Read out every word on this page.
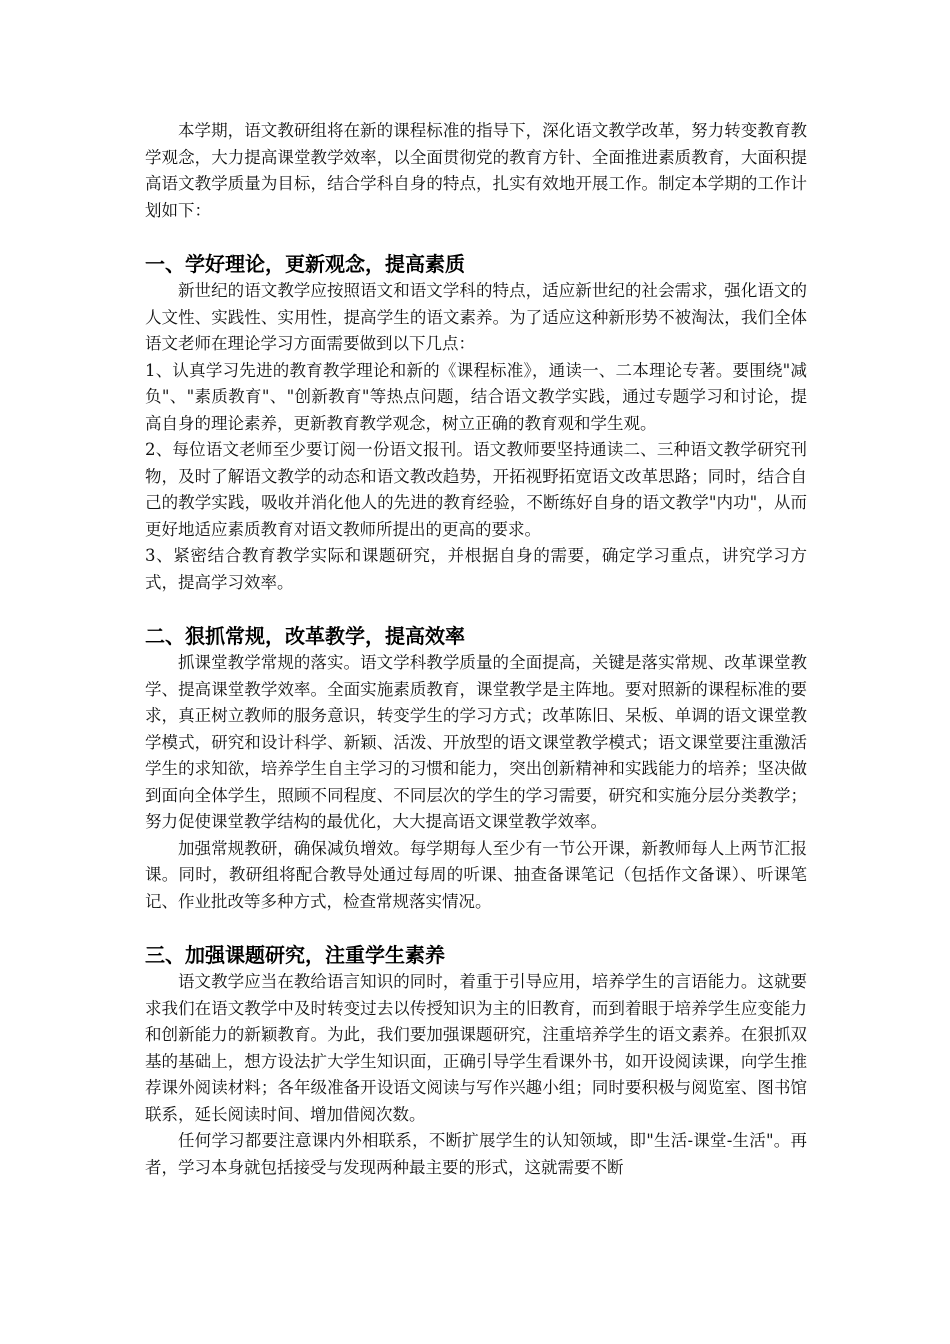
本学期，语文教研组将在新的课程标准的指导下，深化语文教学改革，努力转变教育教学观念，大力提高课堂教学效率，以全面贯彻党的教育方针、全面推进素质教育，大面积提高语文教学质量为目标，结合学科自身的特点，扎实有效地开展工作。制定本学期的工作计划如下：

一、学好理论，更新观念，提高素质

新世纪的语文教学应按照语文和语文学科的特点，适应新世纪的社会需求，强化语文的人文性、实践性、实用性，提高学生的语文素养。为了适应这种新形势不被淘汰，我们全体语文老师在理论学习方面需要做到以下几点：

1、认真学习先进的教育教学理论和新的《课程标准》，通读一、二本理论专著。要围绕"减负"、"素质教育"、"创新教育"等热点问题，结合语文教学实践，通过专题学习和讨论，提高自身的理论素养，更新教育教学观念，树立正确的教育观和学生观。

2、每位语文老师至少要订阅一份语文报刊。语文教师要坚持通读二、三种语文教学研究刊物，及时了解语文教学的动态和语文教改趋势，开拓视野拓宽语文改革思路；同时，结合自己的教学实践，吸收并消化他人的先进的教育经验，不断练好自身的语文教学"内功"，从而更好地适应素质教育对语文教师所提出的更高的要求。

3、紧密结合教育教学实际和课题研究，并根据自身的需要，确定学习重点，讲究学习方式，提高学习效率。

二、狠抓常规，改革教学，提高效率

抓课堂教学常规的落实。语文学科教学质量的全面提高，关键是落实常规、改革课堂教学、提高课堂教学效率。全面实施素质教育，课堂教学是主阵地。要对照新的课程标准的要求，真正树立教师的服务意识，转变学生的学习方式；改革陈旧、呆板、单调的语文课堂教学模式，研究和设计科学、新颖、活泼、开放型的语文课堂教学模式；语文课堂要注重激活学生的求知欲，培养学生自主学习的习惯和能力，突出创新精神和实践能力的培养；坚决做到面向全体学生，照顾不同程度、不同层次的学生的学习需要，研究和实施分层分类教学；努力促使课堂教学结构的最优化，大大提高语文课堂教学效率。

加强常规教研，确保减负增效。每学期每人至少有一节公开课，新教师每人上两节汇报课。同时，教研组将配合教导处通过每周的听课、抽查备课笔记（包括作文备课）、听课笔记、作业批改等多种方式，检查常规落实情况。

三、加强课题研究，注重学生素养

语文教学应当在教给语言知识的同时，着重于引导应用，培养学生的言语能力。这就要求我们在语文教学中及时转变过去以传授知识为主的旧教育，而到着眼于培养学生应变能力和创新能力的新颖教育。为此，我们要加强课题研究，注重培养学生的语文素养。在狠抓双基的基础上，想方设法扩大学生知识面，正确引导学生看课外书，如开设阅读课，向学生推荐课外阅读材料；各年级准备开设语文阅读与写作兴趣小组；同时要积极与阅览室、图书馆联系，延长阅读时间、增加借阅次数。

任何学习都要注意课内外相联系，不断扩展学生的认知领域，即"生活-课堂-生活"。再者，学习本身就包括接受与发现两种最主要的形式，这就需要不断
